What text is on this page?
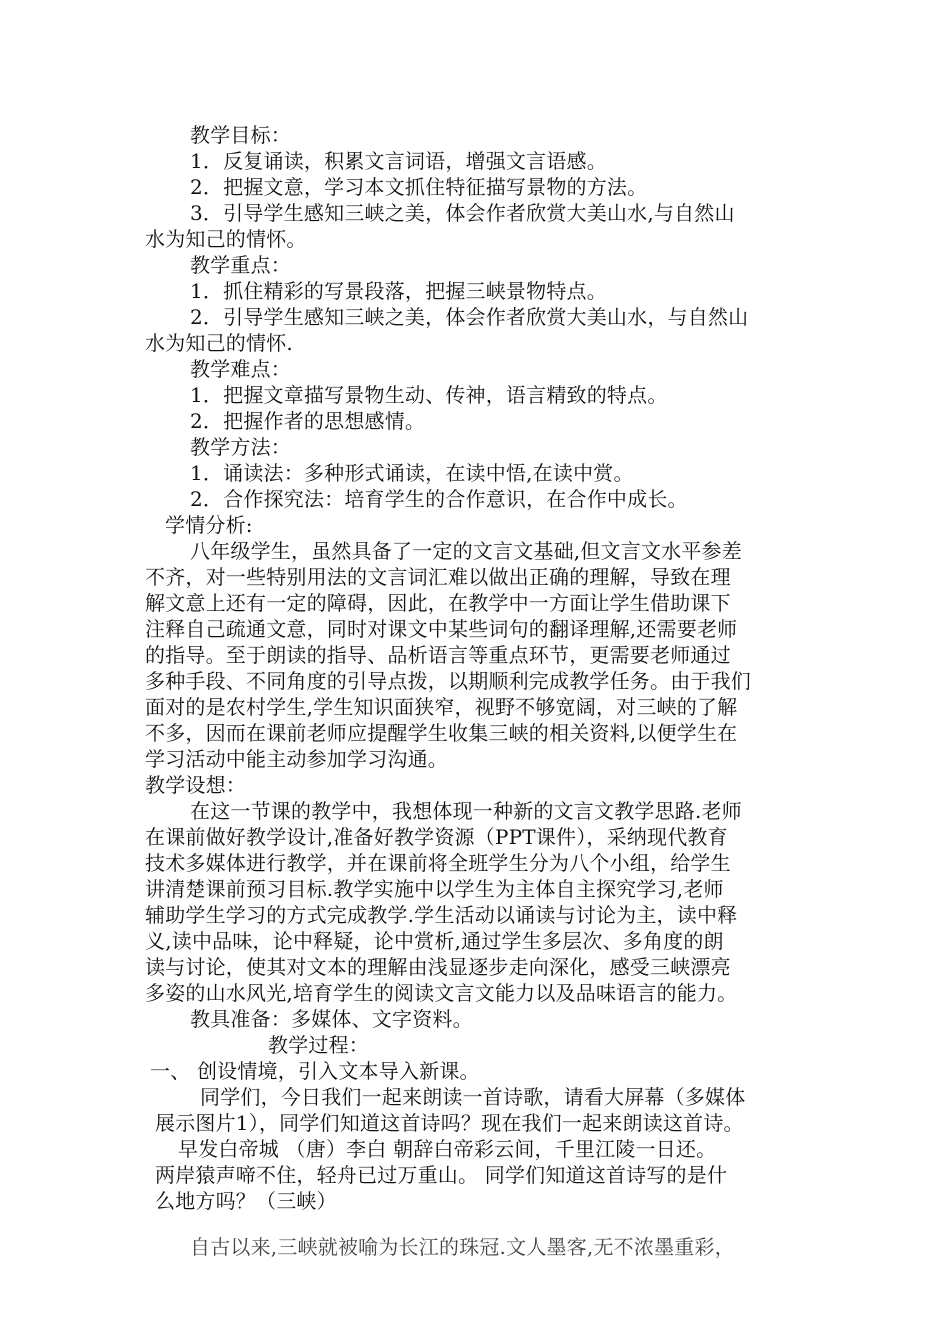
教学目标：
1．反复诵读，积累文言词语，增强文言语感。
2．把握文意，学习本文抓住特征描写景物的方法。
3．引导学生感知三峡之美，体会作者欣赏大美山水,与自然山
水为知己的情怀。
教学重点：
1．抓住精彩的写景段落，把握三峡景物特点。
2．引导学生感知三峡之美，体会作者欣赏大美山水，与自然山
水为知己的情怀.
教学难点：
1．把握文章描写景物生动、传神，语言精致的特点。
2．把握作者的思想感情。
教学方法：
1．诵读法：多种形式诵读，在读中悟,在读中赏。
2．合作探究法：培育学生的合作意识，在合作中成长。
学情分析:
八年级学生，虽然具备了一定的文言文基础,但文言文水平参差
不齐，对一些特别用法的文言词汇难以做出正确的理解，导致在理
解文意上还有一定的障碍，因此，在教学中一方面让学生借助课下
注释自己疏通文意，同时对课文中某些词句的翻译理解,还需要老师
的指导。至于朗读的指导、品析语言等重点环节，更需要老师通过
多种手段、不同角度的引导点拨，以期顺利完成教学任务。由于我们
面对的是农村学生,学生知识面狭窄，视野不够宽阔，对三峡的了解
不多，因而在课前老师应提醒学生收集三峡的相关资料,以便学生在
学习活动中能主动参加学习沟通。
教学设想：
在这一节课的教学中，我想体现一种新的文言文教学思路.老师
在课前做好教学设计,准备好教学资源（PPT课件），采纳现代教育
技术多媒体进行教学，并在课前将全班学生分为八个小组，给学生
讲清楚课前预习目标.教学实施中以学生为主体自主探究学习,老师
辅助学生学习的方式完成教学.学生活动以诵读与讨论为主，读中释
义,读中品味，论中释疑，论中赏析,通过学生多层次、多角度的朗
读与讨论，使其对文本的理解由浅显逐步走向深化，感受三峡漂亮
多姿的山水风光,培育学生的阅读文言文能力以及品味语言的能力。
教具准备：多媒体、文字资料。
教学过程：
一、 创设情境，引入文本导入新课。
同学们，今日我们一起来朗读一首诗歌，请看大屏幕（多媒体
展示图片1），同学们知道这首诗吗？现在我们一起来朗读这首诗。
早发白帝城 （唐）李白 朝辞白帝彩云间，千里江陵一日还。
两岸猿声啼不住，轻舟已过万重山。 同学们知道这首诗写的是什
么地方吗？（三峡）
自古以来,三峡就被喻为长江的珠冠.文人墨客,无不浓墨重彩，
